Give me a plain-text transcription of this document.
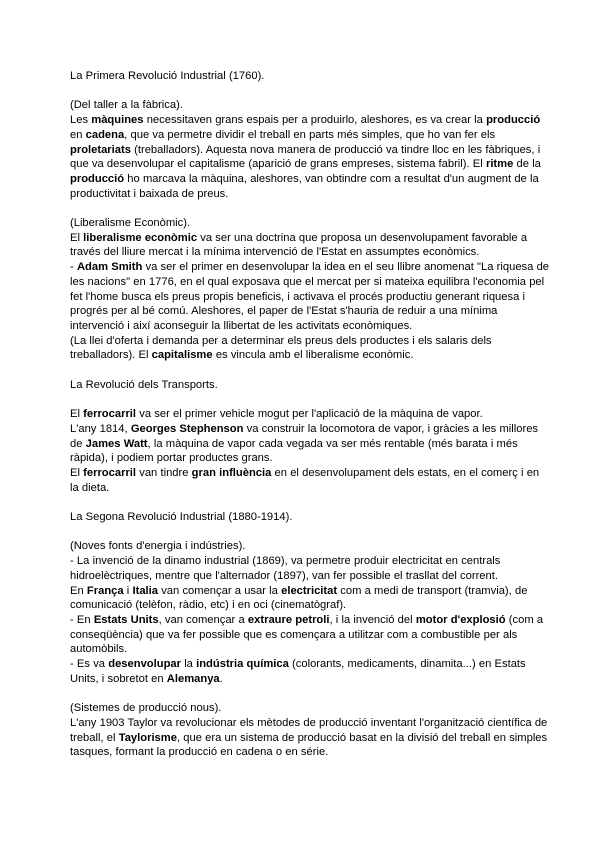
La Primera Revolució Industrial (1760).

(Del taller a la fàbrica).

Les màquines necessitaven grans espais per a produirlo, aleshores, es va crear la producció en cadena, que va permetre dividir el treball en parts més simples, que ho van fer els proletariats (treballadors). Aquesta nova manera de producció va tindre lloc en les fàbriques, i que va desenvolupar el capitalisme (aparició de grans empreses, sistema fabril). El ritme de la producció ho marcava la màquina, aleshores, van obtindre com a resultat d'un augment de la productivitat i baixada de preus.

(Liberalisme Econòmic).

El liberalisme econòmic va ser una doctrina que proposa un desenvolupament favorable a través del lliure mercat i la mínima intervenció de l'Estat en assumptes econòmics.

- Adam Smith va ser el primer en desenvolupar la idea en el seu llibre anomenat "La riquesa de les nacions" en 1776, en el qual exposava que el mercat per si mateixa equilibra l'economia pel fet l'home busca els preus propis beneficis, i activava el procés productiu generant riquesa i progrés per al bé comú. Aleshores, el paper de l'Estat s'hauria de reduir a una mínima intervenció i així aconseguir la llibertat de les activitats econòmiques.

(La llei d'oferta i demanda per a determinar els preus dels productes i els salaris dels treballadors). El capitalisme es vincula amb el liberalisme econòmic.

La Revolució dels Transports.

El ferrocarril va ser el primer vehicle mogut per l'aplicació de la màquina de vapor.

L'any 1814, Georges Stephenson va construir la locomotora de vapor, i gràcies a les millores de James Watt, la màquina de vapor cada vegada va ser més rentable (més barata i més ràpida), i podiem portar productes grans.

El ferrocarril van tindre gran influència en el desenvolupament dels estats, en el comerç i en la dieta.

La Segona Revolució Industrial (1880-1914).

(Noves fonts d'energia i indústries).

- La invenció de la dinamo industrial (1869), va permetre produir electricitat en centrals hidroelèctriques, mentre que l'alternador (1897), van fer possible el trasllat del corrent.

En França i Italia van començar a usar la electricitat com a medi de transport (tramvia), de comunicació (telèfon, ràdio, etc) i en oci (cinematògraf).

- En Estats Units, van començar a extraure petroli, i la invenció del motor d'explosió (com a conseqüència) que va fer possible que es començara a utilitzar com a combustible per als automòbils.

- Es va desenvolupar la indústria química (colorants, medicaments, dinamita...) en Estats Units, i sobretot en Alemanya.

(Sistemes de producció nous).

L'any 1903 Taylor va revolucionar els mètodes de producció inventant l'organització científica de treball, el Taylorisme, que era un sistema de producció basat en la divisió del treball en simples tasques, formant la producció en cadena o en série.
